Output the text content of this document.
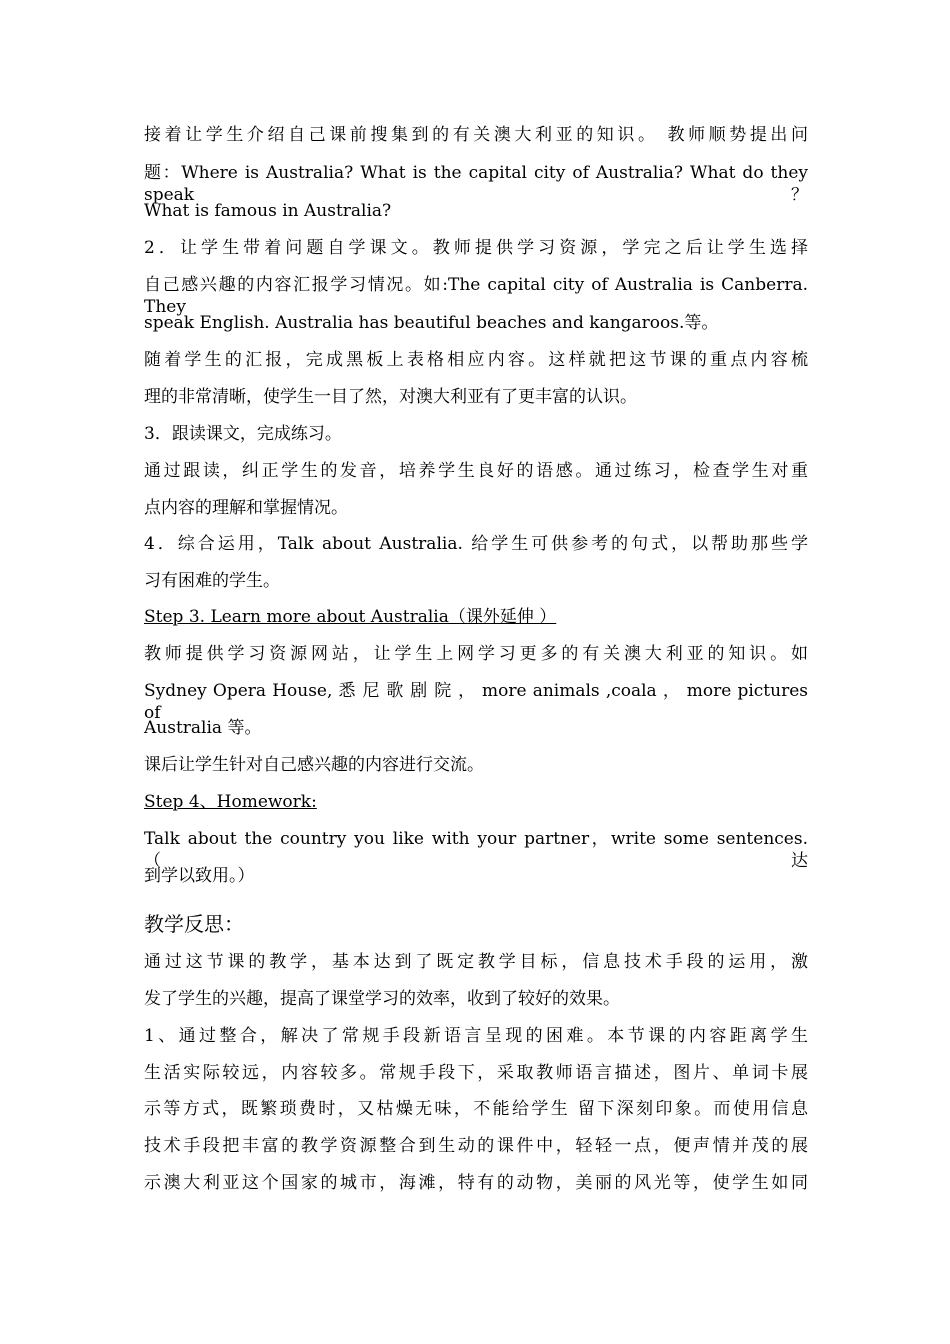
接着让学生介绍自己课前搜集到的有关澳大利亚的知识。 教师顺势提出问
题：Where is Australia? What is the capital city of Australia? What do they speak ？
What is famous in Australia?
2．让学生带着问题自学课文。教师提供学习资源，学完之后让学生选择
自己感兴趣的内容汇报学习情况。如:The capital city of Australia is Canberra. They
speak English. Australia has beautiful beaches and kangaroos.等。
随着学生的汇报，完成黑板上表格相应内容。这样就把这节课的重点内容梳
理的非常清晰，使学生一目了然，对澳大利亚有了更丰富的认识。
3．跟读课文，完成练习。
通过跟读，纠正学生的发音，培养学生良好的语感。通过练习，检查学生对重
点内容的理解和掌握情况。
4．综合运用，Talk about Australia. 给学生可供参考的句式，以帮助那些学
习有困难的学生。
Step 3. Learn more about Australia（课外延伸 ）
教师提供学习资源网站，让学生上网学习更多的有关澳大利亚的知识。如
Sydney Opera House, 悉 尼 歌 剧 院 ， more animals ,coala ， more pictures of
Australia 等。
课后让学生针对自己感兴趣的内容进行交流。
Step 4、Homework:
Talk about the country you like with your partner，write some sentences. （达
到学以致用。）
教学反思：
通过这节课的教学，基本达到了既定教学目标，信息技术手段的运用，激
发了学生的兴趣，提高了课堂学习的效率，收到了较好的效果。
1、通过整合，解决了常规手段新语言呈现的困难。本节课的内容距离学生
生活实际较远，内容较多。常规手段下，采取教师语言描述，图片、单词卡展
示等方式，既繁琐费时，又枯燥无味，不能给学生 留下深刻印象。而使用信息
技术手段把丰富的教学资源整合到生动的课件中，轻轻一点，便声情并茂的展
示澳大利亚这个国家的城市，海滩，特有的动物，美丽的风光等，使学生如同
